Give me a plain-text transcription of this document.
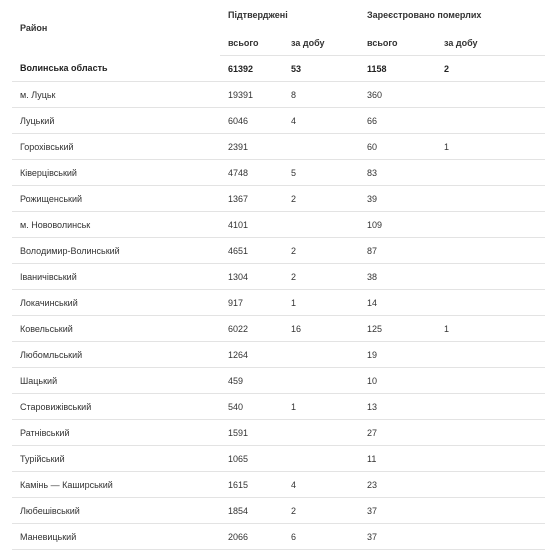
Район	Підтверджені		Зареєстровано померлих	
	всього	за добу	всього	за добу
Волинська область	61392	53	1158	2
м. Луцьк	19391	8	360	
Луцький	6046	4	66	
Горохівський	2391		60	1
Ківерцівський	4748	5	83	
Рожищенський	1367	2	39	
м. Нововолинськ	4101		109	
Володимир-Волинський	4651	2	87	
Іваничівський	1304	2	38	
Локачинський	917	1	14	
Ковельський	6022	16	125	1
Любомльський	1264		19	
Шацький	459		10	
Старовижівський	540	1	13	
Ратнівський	1591		27	
Турійський	1065		11	
Камінь — Каширський	1615	4	23	
Любешівський	1854	2	37	
Маневицький	2066	6	37	
